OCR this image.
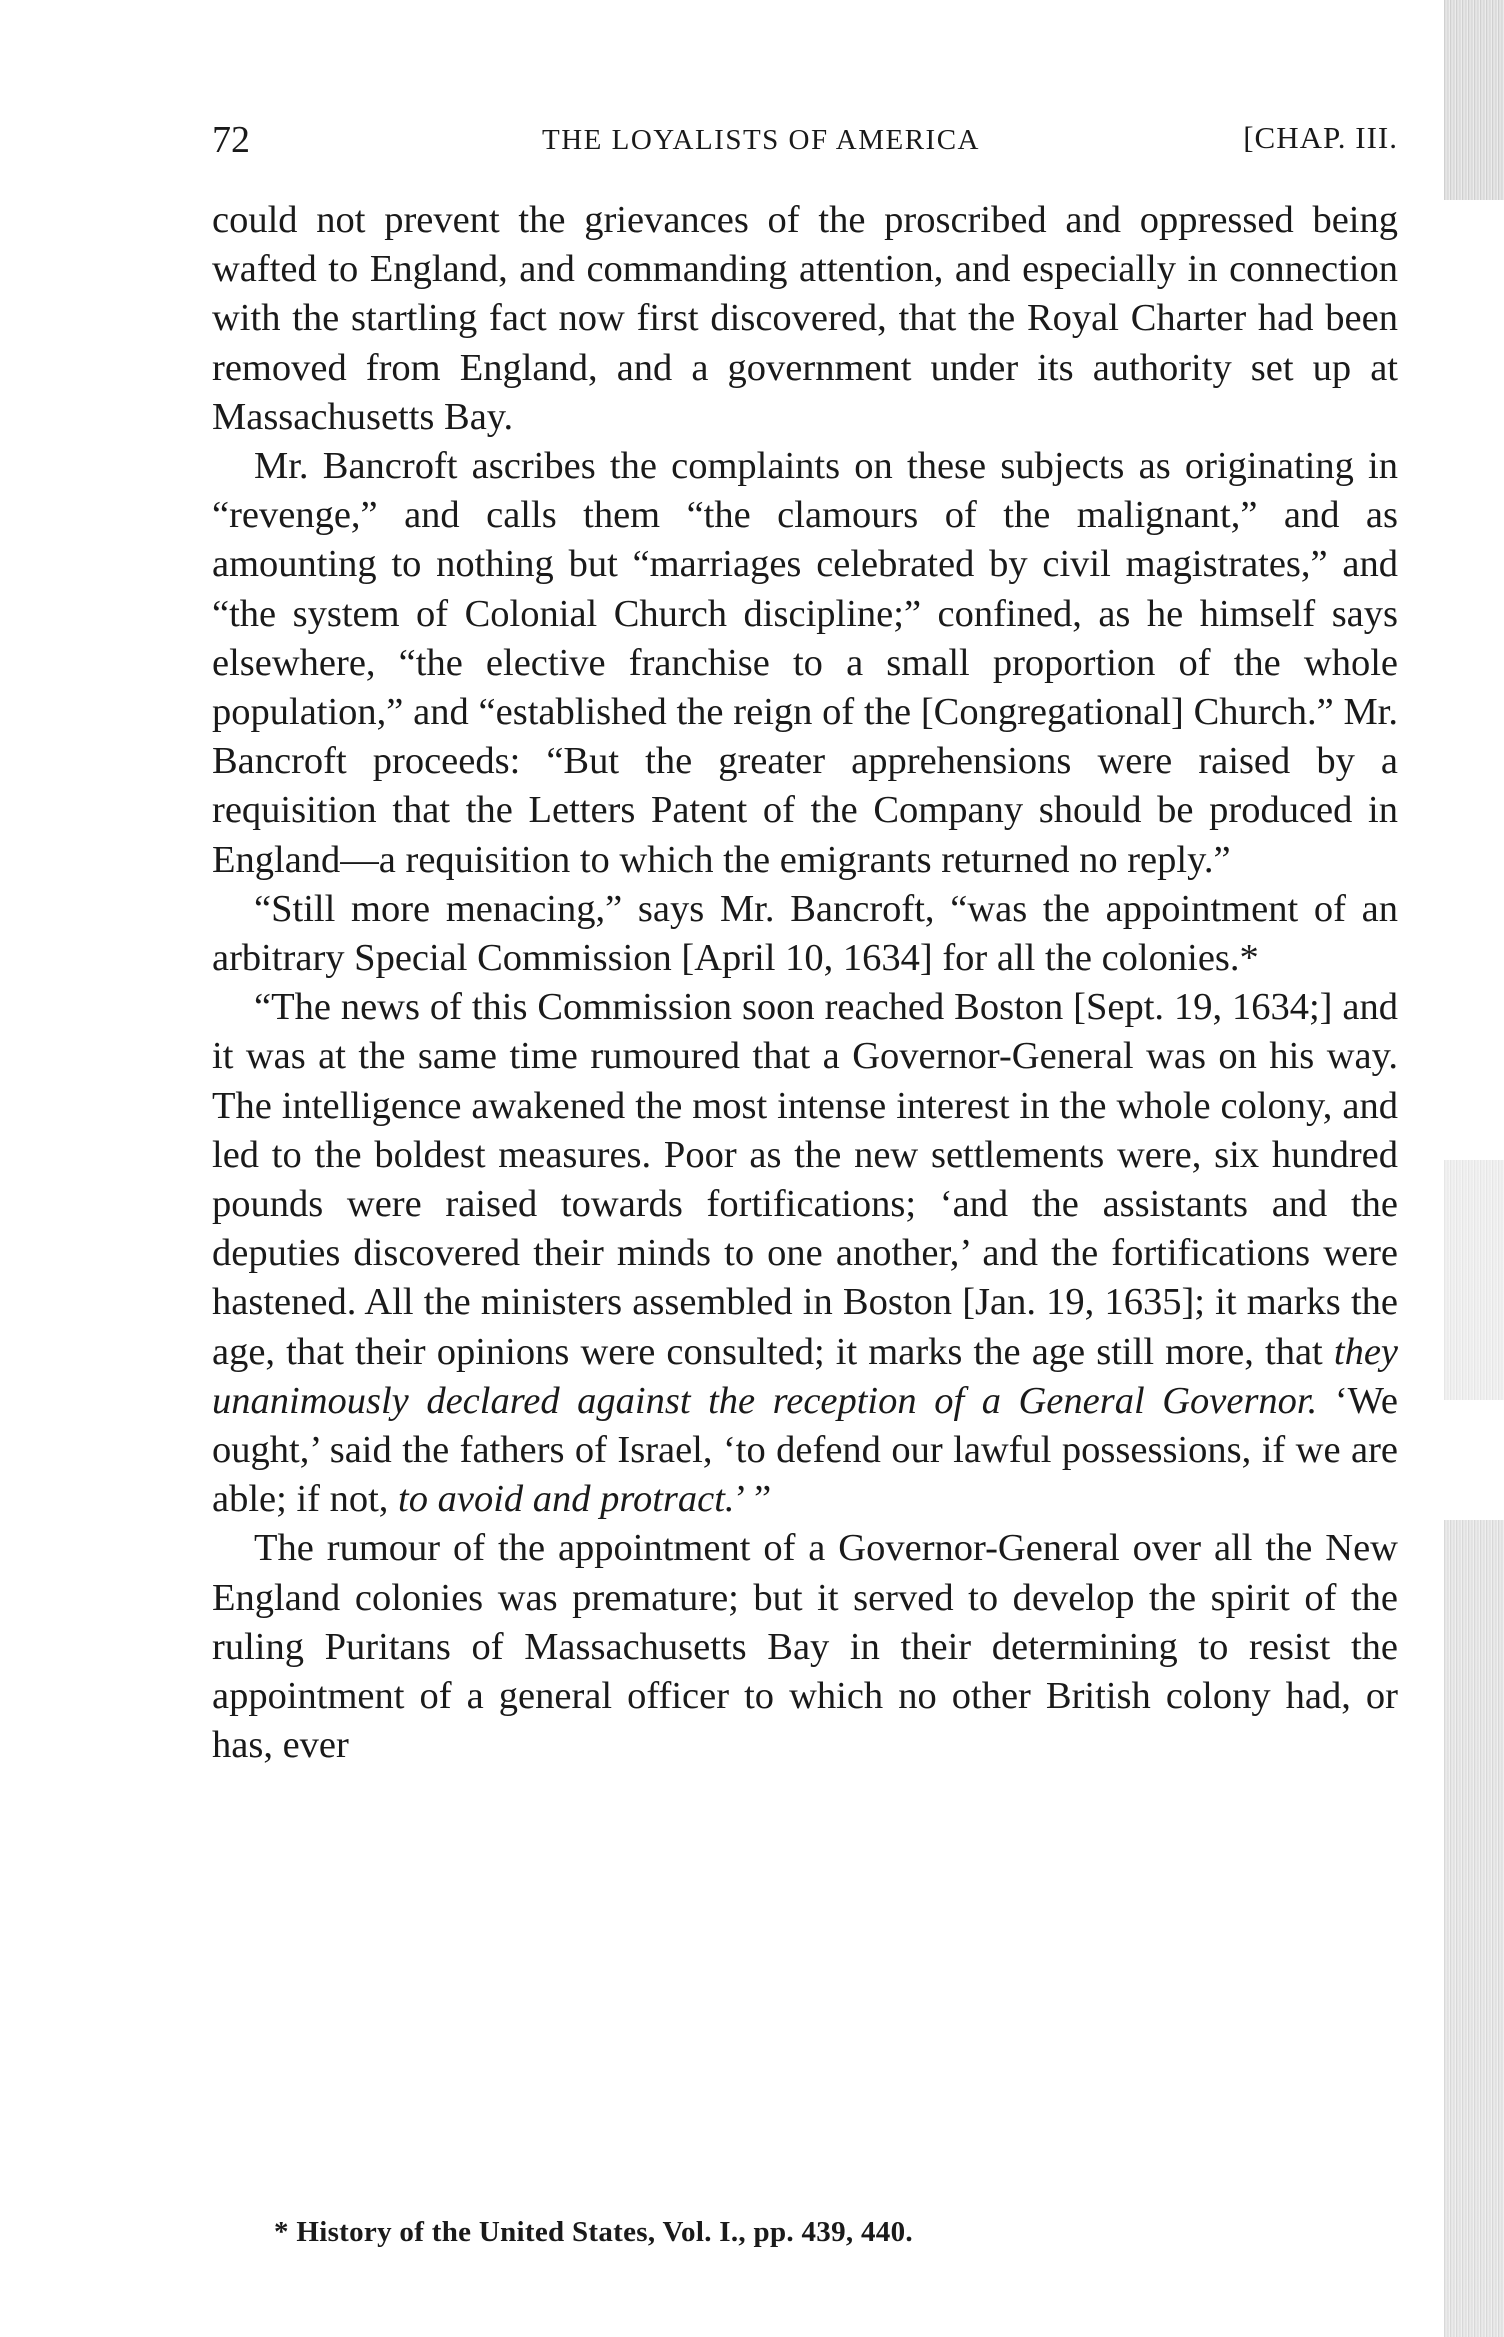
72	THE LOYALISTS OF AMERICA	[CHAP. III.

could not prevent the grievances of the proscribed and oppressed being wafted to England, and commanding attention, and especially in connection with the startling fact now first discovered, that the Royal Charter had been removed from England, and a government under its authority set up at Massachusetts Bay.

Mr. Bancroft ascribes the complaints on these subjects as originating in “revenge,” and calls them “the clamours of the malignant,” and as amounting to nothing but “marriages celebrated by civil magistrates,” and “the system of Colonial Church discipline;” confined, as he himself says elsewhere, “the elective franchise to a small proportion of the whole population,” and “established the reign of the [Congregational] Church.” Mr. Bancroft proceeds: “But the greater apprehensions were raised by a requisition that the Letters Patent of the Company should be produced in England—a requisition to which the emigrants returned no reply.”

“Still more menacing,” says Mr. Bancroft, “was the appointment of an arbitrary Special Commission [April 10, 1634] for all the colonies.*

“The news of this Commission soon reached Boston [Sept. 19, 1634;] and it was at the same time rumoured that a Governor-General was on his way. The intelligence awakened the most intense interest in the whole colony, and led to the boldest measures. Poor as the new settlements were, six hundred pounds were raised towards fortifications; ‘and the assistants and the deputies discovered their minds to one another,’ and the fortifications were hastened. All the ministers assembled in Boston [Jan. 19, 1635]; it marks the age, that their opinions were consulted; it marks the age still more, that they unanimously declared against the reception of a General Governor. ‘We ought,’ said the fathers of Israel, ‘to defend our lawful possessions, if we are able; if not, to avoid and protract.’ ”

The rumour of the appointment of a Governor-General over all the New England colonies was premature; but it served to develop the spirit of the ruling Puritans of Massachusetts Bay in their determining to resist the appointment of a general officer to which no other British colony had, or has, ever

* History of the United States, Vol. I., pp. 439, 440.
